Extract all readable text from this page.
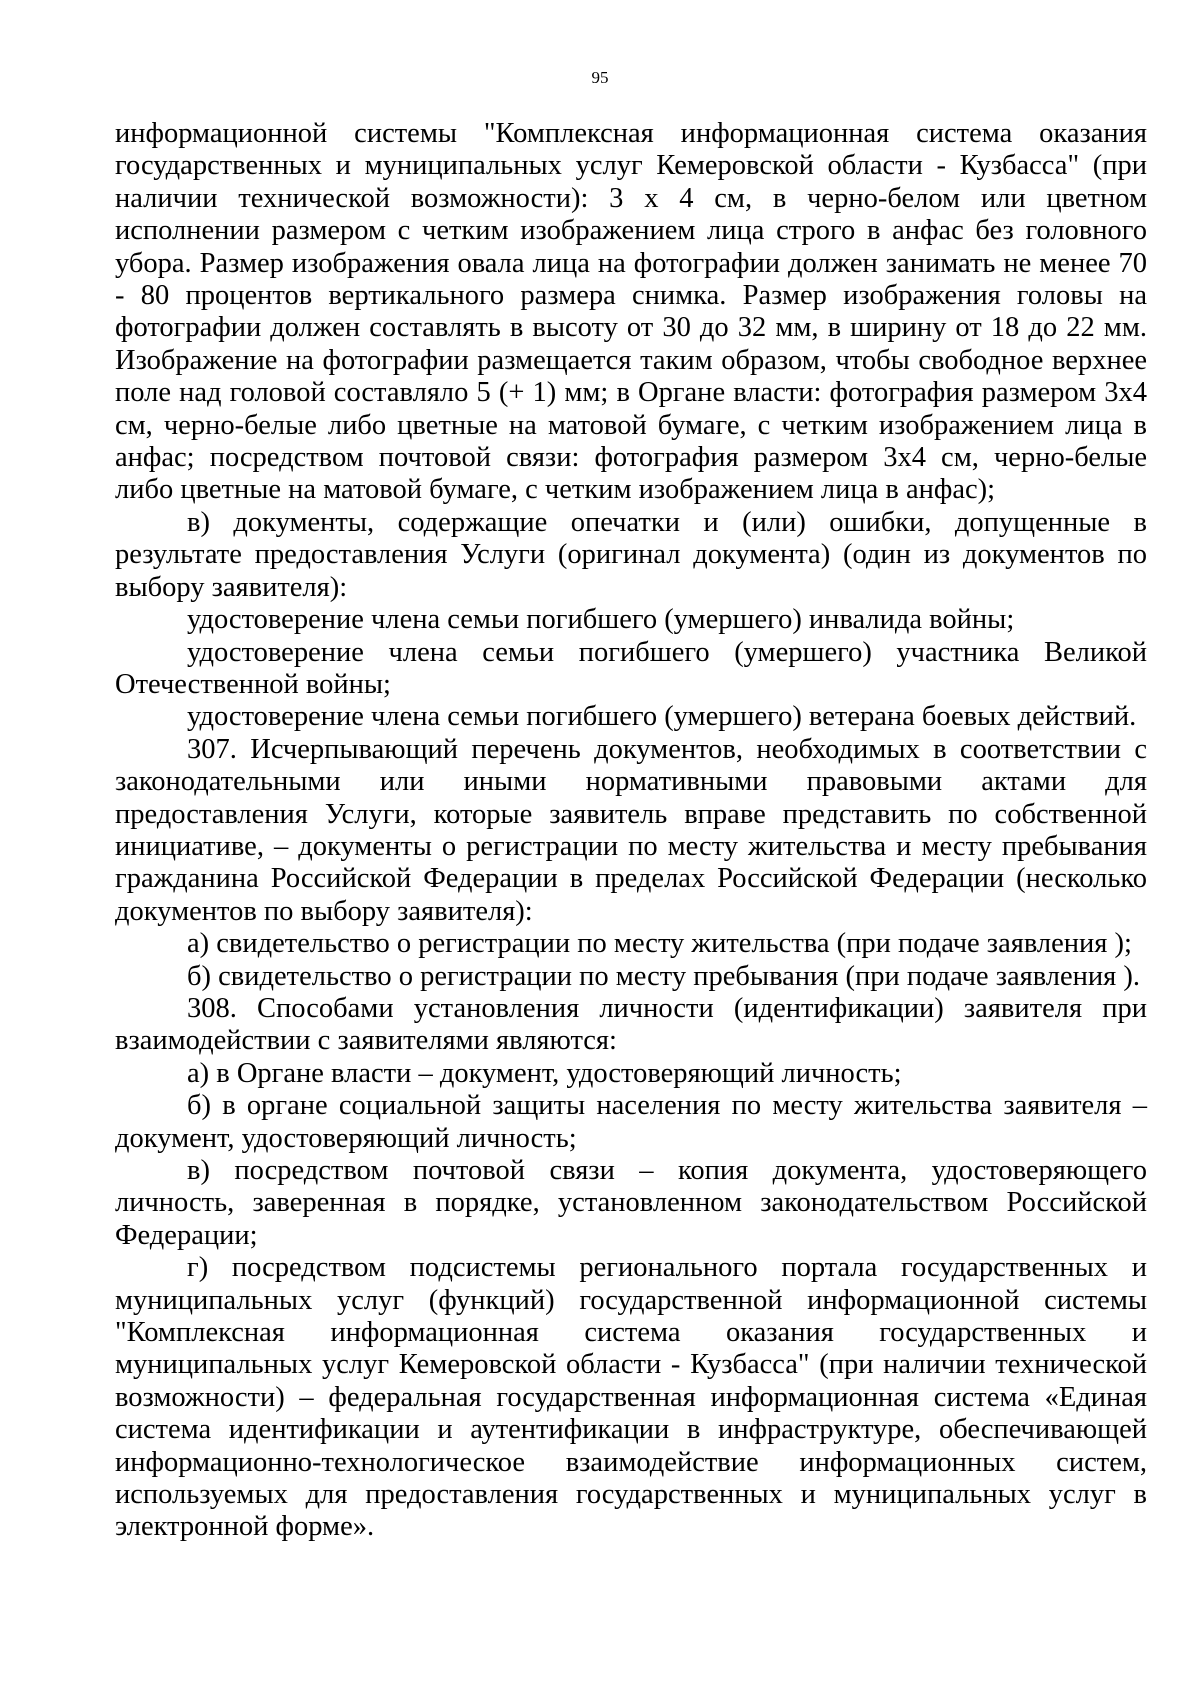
95

информационной системы "Комплексная информационная система оказания государственных и муниципальных услуг Кемеровской области - Кузбасса" (при наличии технической возможности): 3 х 4 см, в черно-белом или цветном исполнении размером с четким изображением лица строго в анфас без головного убора. Размер изображения овала лица на фотографии должен занимать не менее 70 - 80 процентов вертикального размера снимка. Размер изображения головы на фотографии должен составлять в высоту от 30 до 32 мм, в ширину от 18 до 22 мм. Изображение на фотографии размещается таким образом, чтобы свободное верхнее поле над головой составляло 5 (+ 1) мм; в Органе власти: фотография размером 3х4 см, черно-белые либо цветные на матовой бумаге, с четким изображением лица в анфас; посредством почтовой связи: фотография размером 3х4 см, черно-белые либо цветные на матовой бумаге, с четким изображением лица в анфас);

в) документы, содержащие опечатки и (или) ошибки, допущенные в результате предоставления Услуги (оригинал документа) (один из документов по выбору заявителя):

удостоверение члена семьи погибшего (умершего) инвалида войны;

удостоверение члена семьи погибшего (умершего) участника Великой Отечественной войны;

удостоверение члена семьи погибшего (умершего) ветерана боевых действий.

307. Исчерпывающий перечень документов, необходимых в соответствии с законодательными или иными нормативными правовыми актами для предоставления Услуги, которые заявитель вправе представить по собственной инициативе, – документы о регистрации по месту жительства и месту пребывания гражданина Российской Федерации в пределах Российской Федерации (несколько документов по выбору заявителя):

а) свидетельство о регистрации по месту жительства (при подаче заявления );

б) свидетельство о регистрации по месту пребывания (при подаче заявления ).

308. Способами установления личности (идентификации) заявителя при взаимодействии с заявителями являются:

а) в Органе власти – документ, удостоверяющий личность;

б) в органе социальной защиты населения по месту жительства заявителя – документ, удостоверяющий личность;

в) посредством почтовой связи – копия документа, удостоверяющего личность, заверенная в порядке, установленном законодательством Российской Федерации;

г) посредством подсистемы регионального портала государственных и муниципальных услуг (функций) государственной информационной системы "Комплексная информационная система оказания государственных и муниципальных услуг Кемеровской области - Кузбасса" (при наличии технической возможности) – федеральная государственная информационная система «Единая система идентификации и аутентификации в инфраструктуре, обеспечивающей информационно-технологическое взаимодействие информационных систем, используемых для предоставления государственных и муниципальных услуг в электронной форме».
